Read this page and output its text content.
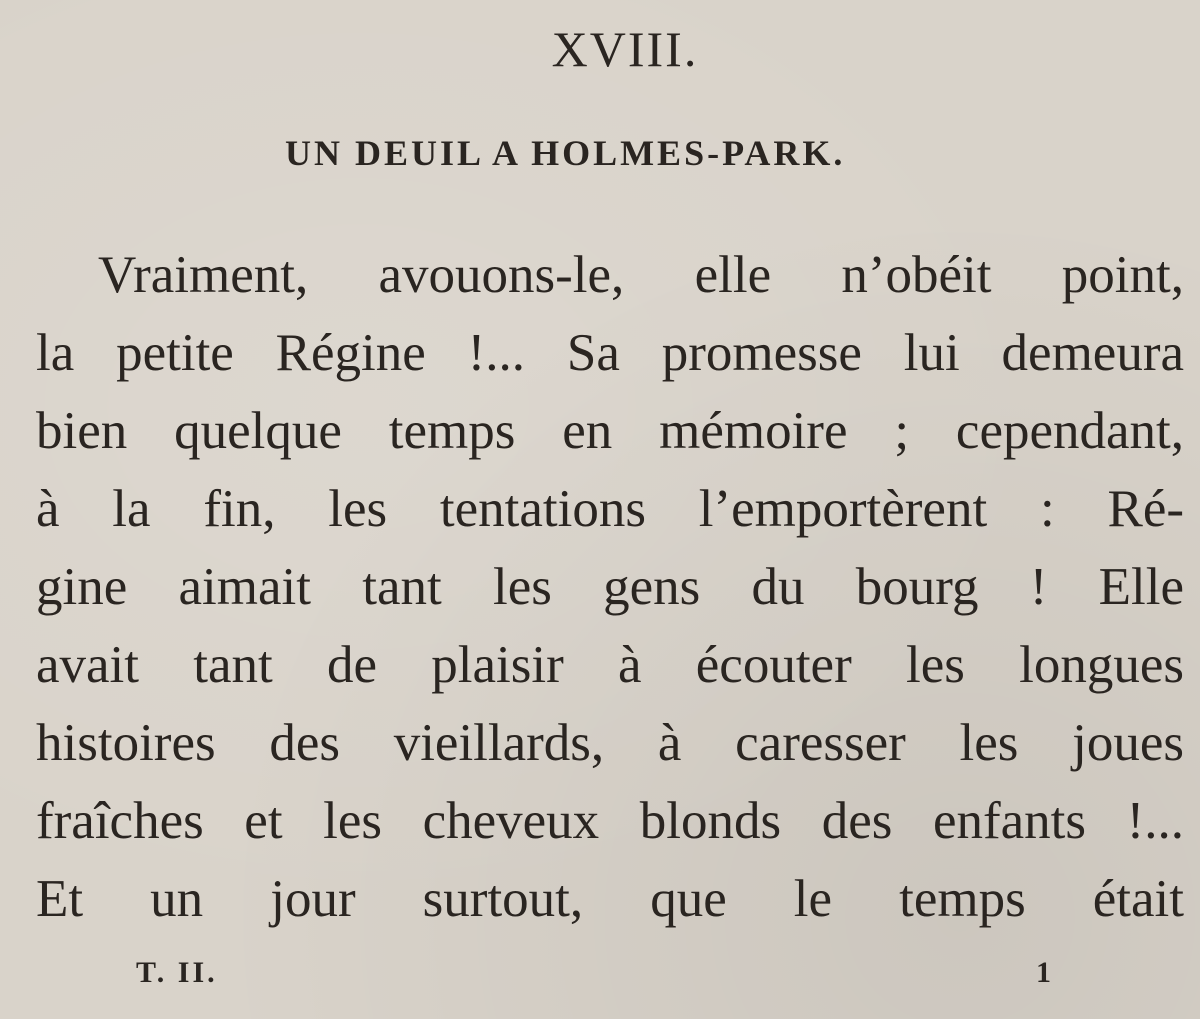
XVIII.
UN DEUIL A HOLMES-PARK.
Vraiment, avouons-le, elle n’obéit point,
la petite Régine !... Sa promesse lui demeura
bien quelque temps en mémoire ; cependant,
à la fin, les tentations l’emportèrent : Ré-
gine aimait tant les gens du bourg ! Elle
avait tant de plaisir à écouter les longues
histoires des vieillards, à caresser les joues
fraîches et les cheveux blonds des enfants !...
Et un jour surtout, que le temps était
T. II.	1
